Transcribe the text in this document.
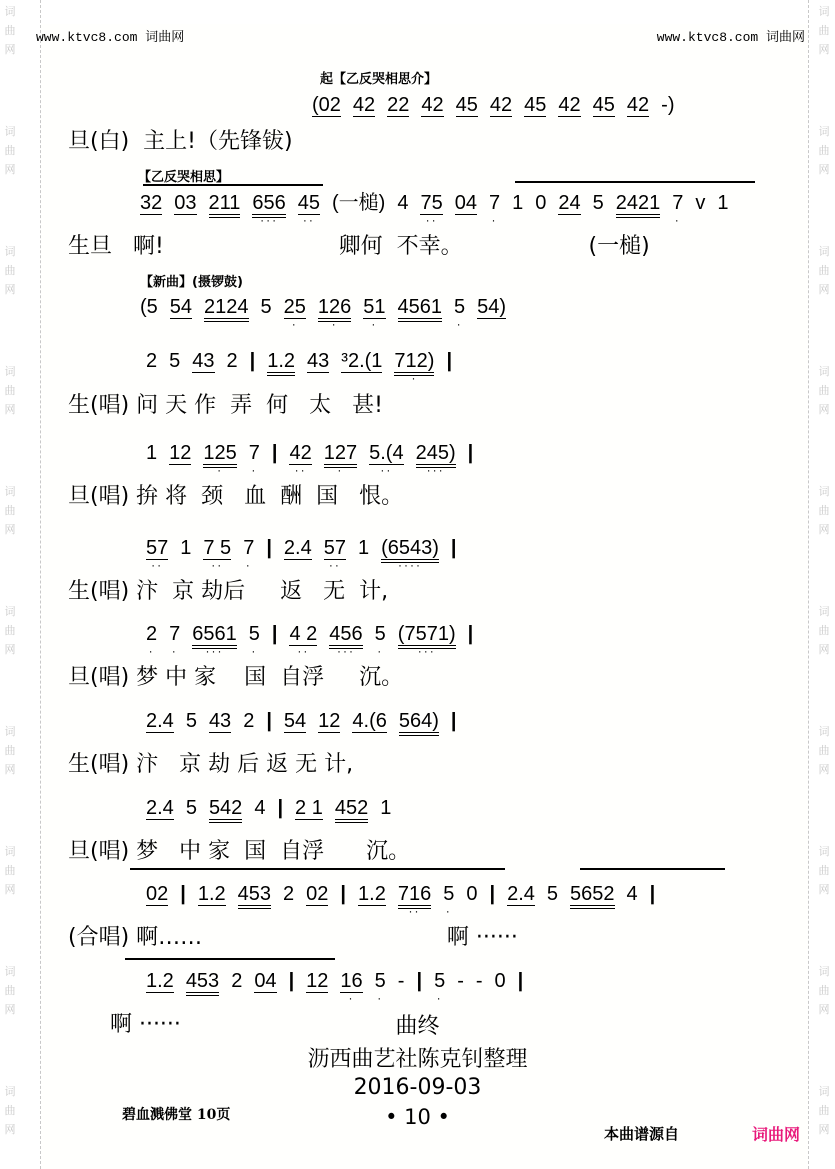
词
曲
网
词
曲
网
词
曲
网
词
曲
网
词
曲
网
词
曲
网
词
曲
网
词
曲
网
词
曲
网
词
曲
网
词
曲
网
词
曲
网
词
曲
网
词
曲
网
词
曲
网
词
曲
网
词
曲
网
词
曲
网
词
曲
网
词
曲
网
www.ktvc8.com 词曲网	www.ktvc8.com 词曲网
起【乙反哭相思介】
(02 42 22 42 45 42 45 42 45 42 -)
旦(白)  主上!（先锋钹)
【乙反哭相思】
32 03 211 656
···
45
··
(一槌) 4 75
··
04 7
·
1 0 24 5 2421 7
·
v 1
生旦   啊!                         卿何  不幸。                  (一槌)
【新曲】(摄锣鼓)
(5 54 2124 5 25
·
126
·
51
·
4561 5
·
54)
2 5 43 2 | 1.2 43 ³2.(1 712)
·
|
生(唱) 问 天 作  弄  何   太   甚!
1 12 125
·
7
·
| 42
··
127
·
5.(4
··
245)
···
|
旦(唱) 拚 将  颈   血  酬  国   恨。
57
··
1 7 5
··
7
·
| 2.4 57
··
1 (6543)
····
|
生(唱) 汴  京 劫后     返   无  计,
2
·
7
·
6561
···
5
·
| 4 2
··
456
···
5
·
(7571)
···
|
旦(唱) 梦 中 家    国  自浮     沉。
2.4 5 43 2 | 54 12 4.(6 564) |
生(唱) 汴   京 劫 后 返 无 计,
2.4 5 542 4 | 2 1 452 1
旦(唱) 梦   中 家  国  自浮      沉。
02 | 1.2 453 2 02 | 1.2 716
··
5
·
0 | 2.4 5 5652 4 |
(合唱) 啊……                                   啊 ······
1.2 453 2 04 | 12 16
·
5
·
- | 5
·
- - 0 |
啊 ······	曲终
沥西曲艺社陈克钊整理
2016-09-03
碧血溅佛堂 10页	• 10 •
本曲谱源自	词曲网
